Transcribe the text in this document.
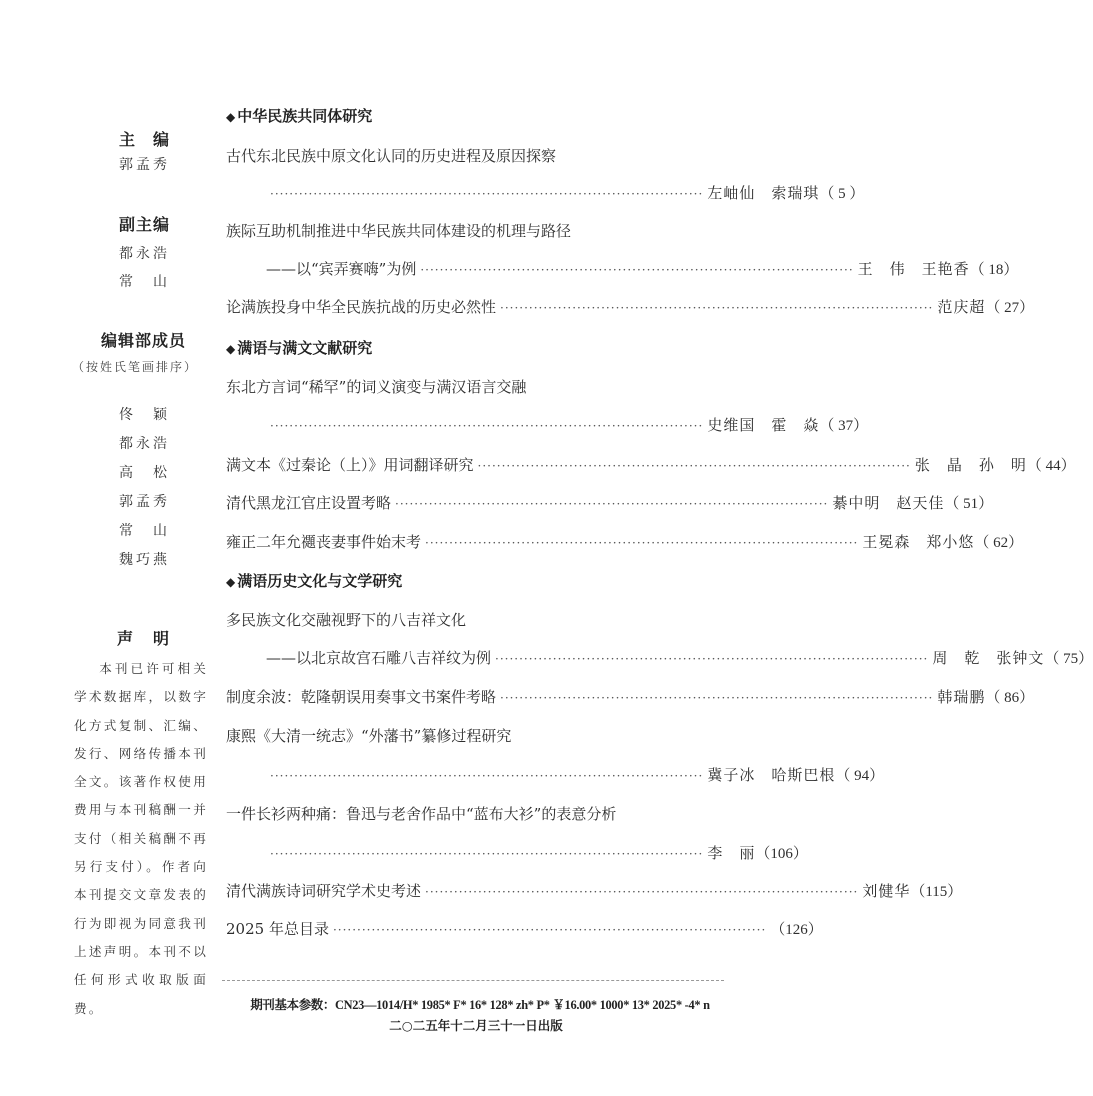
主　编
郭孟秀
副主编
都永浩
常　山
编辑部成员
（按姓氏笔画排序）
佟　颖
都永浩
高　松
郭孟秀
常　山
魏巧燕
声　明

本刊已许可相关学术数据库，以数字化方式复制、汇编、发行、网络传播本刊全文。该著作权使用费用与本刊稿酬一并支付（相关稿酬不再另行支付）。作者向本刊提交文章发表的行为即视为同意我刊上述声明。本刊不以任何形式收取版面费。

◆ 中华民族共同体研究
古代东北民族中原文化认同的历史进程及原因探察
·························································································· 左岫仙　索瑞琪 （ 5 ）
族际互助机制推进中华民族共同体建设的机理与路径
——以“宾弄赛嗨”为例 ·························································································· 王　伟　王艳香 （ 18）
论满族投身中华全民族抗战的历史必然性 ·························································································· 范庆超 （ 27）
◆ 满语与满文文献研究
东北方言词“稀罕”的词义演变与满汉语言交融
·························································································· 史维国　霍　焱 （ 37）
满文本《过秦论（上）》用词翻译研究 ·························································································· 张　晶　孙　明 （ 44）
清代黑龙江官庄设置考略 ·························································································· 綦中明　赵天佳 （ 51）
雍正二年允禵丧妻事件始末考 ·························································································· 王冕森　郑小悠 （ 62）
◆ 满语历史文化与文学研究
多民族文化交融视野下的八吉祥文化
——以北京故宫石雕八吉祥纹为例 ·························································································· 周　乾　张钟文 （ 75）
制度余波：乾隆朝误用奏事文书案件考略 ·························································································· 韩瑞鹏 （ 86）
康熙《大清一统志》“外藩书”纂修过程研究
·························································································· 冀子冰　哈斯巴根 （ 94）
一件长衫两种痛：鲁迅与老舍作品中“蓝布大衫”的表意分析
·························································································· 李　丽 （106）
清代满族诗词研究学术史考述 ·························································································· 刘健华 （115）
2025 年总目录 ·························································································· （126）
期刊基本参数：CN23—1014/H* 1985* F* 16* 128* zh* P* ￥16.00* 1000* 13* 2025* -4* n
二○二五年十二月三十一日出版
